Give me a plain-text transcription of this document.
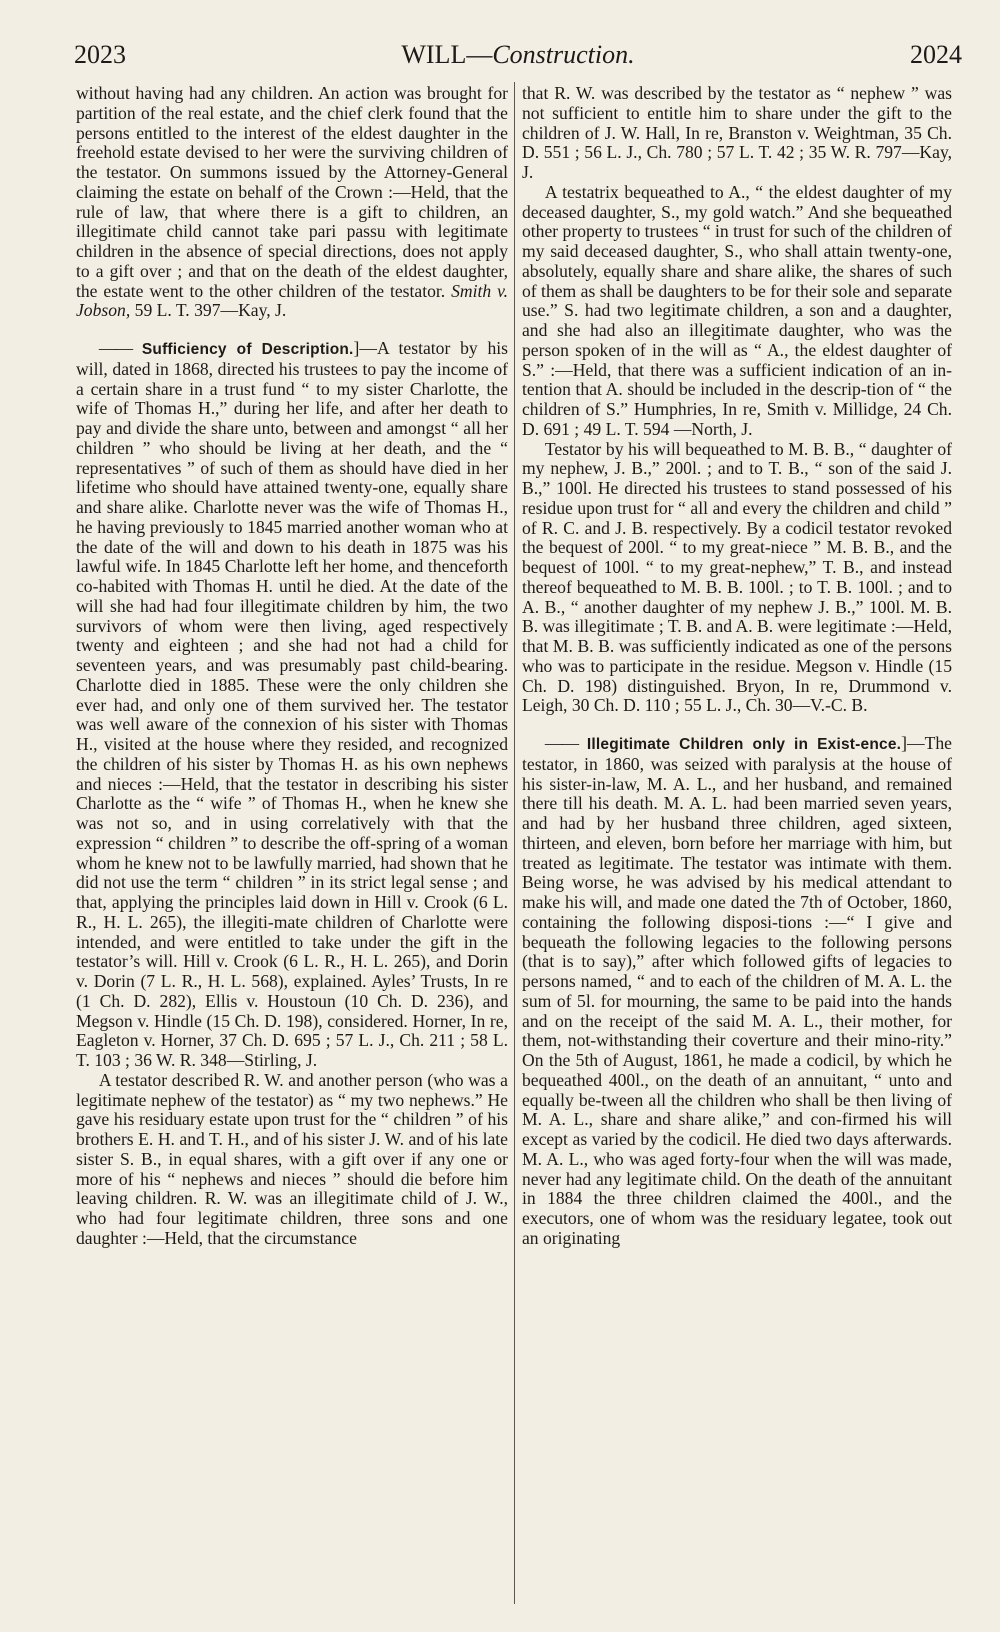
2023	WILL—Construction.	2024

without having had any children. An action was brought for partition of the real estate, and the chief clerk found that the persons entitled to the interest of the eldest daughter in the freehold estate devised to her were the surviving children of the testator. On summons issued by the Attorney-General claiming the estate on behalf of the Crown :—Held, that the rule of law, that where there is a gift to children, an illegitimate child cannot take pari passu with legitimate children in the absence of special directions, does not apply to a gift over ; and that on the death of the eldest daughter, the estate went to the other children of the testator. Smith v. Jobson, 59 L. T. 397—Kay, J.

—— Sufficiency of Description.]—A testator by his will, dated in 1868, directed his trustees to pay the income of a certain share in a trust fund “ to my sister Charlotte, the wife of Thomas H.,” during her life, and after her death to pay and divide the share unto, between and amongst “ all her children ” who should be living at her death, and the “ representatives ” of such of them as should have died in her lifetime who should have attained twenty-one, equally share and share alike. Charlotte never was the wife of Thomas H., he having previously to 1845 married another woman who at the date of the will and down to his death in 1875 was his lawful wife. In 1845 Charlotte left her home, and thenceforth co-habited with Thomas H. until he died. At the date of the will she had had four illegitimate children by him, the two survivors of whom were then living, aged respectively twenty and eighteen ; and she had not had a child for seventeen years, and was presumably past child-bearing. Charlotte died in 1885. These were the only children she ever had, and only one of them survived her. The testator was well aware of the connexion of his sister with Thomas H., visited at the house where they resided, and recognized the children of his sister by Thomas H. as his own nephews and nieces :—Held, that the testator in describing his sister Charlotte as the “ wife ” of Thomas H., when he knew she was not so, and in using correlatively with that the expression “ children ” to describe the off-spring of a woman whom he knew not to be lawfully married, had shown that he did not use the term “ children ” in its strict legal sense ; and that, applying the principles laid down in Hill v. Crook (6 L. R., H. L. 265), the illegiti-mate children of Charlotte were intended, and were entitled to take under the gift in the testator’s will. Hill v. Crook (6 L. R., H. L. 265), and Dorin v. Dorin (7 L. R., H. L. 568), explained. Ayles’ Trusts, In re (1 Ch. D. 282), Ellis v. Houstoun (10 Ch. D. 236), and Megson v. Hindle (15 Ch. D. 198), considered. Horner, In re, Eagleton v. Horner, 37 Ch. D. 695 ; 57 L. J., Ch. 211 ; 58 L. T. 103 ; 36 W. R. 348—Stirling, J.

A testator described R. W. and another person (who was a legitimate nephew of the testator) as “ my two nephews.” He gave his residuary estate upon trust for the “ children ” of his brothers E. H. and T. H., and of his sister J. W. and of his late sister S. B., in equal shares, with a gift over if any one or more of his “ nephews and nieces ” should die before him leaving children. R. W. was an illegitimate child of J. W., who had four legitimate children, three sons and one daughter :—Held, that the circumstance

that R. W. was described by the testator as “ nephew ” was not sufficient to entitle him to share under the gift to the children of J. W. Hall, In re, Branston v. Weightman, 35 Ch. D. 551 ; 56 L. J., Ch. 780 ; 57 L. T. 42 ; 35 W. R. 797—Kay, J.

A testatrix bequeathed to A., “ the eldest daughter of my deceased daughter, S., my gold watch.” And she bequeathed other property to trustees “ in trust for such of the children of my said deceased daughter, S., who shall attain twenty-one, absolutely, equally share and share alike, the shares of such of them as shall be daughters to be for their sole and separate use.” S. had two legitimate children, a son and a daughter, and she had also an illegitimate daughter, who was the person spoken of in the will as “ A., the eldest daughter of S.” :—Held, that there was a sufficient indication of an in-tention that A. should be included in the descrip-tion of “ the children of S.” Humphries, In re, Smith v. Millidge, 24 Ch. D. 691 ; 49 L. T. 594 —North, J.

Testator by his will bequeathed to M. B. B., “ daughter of my nephew, J. B.,” 200l. ; and to T. B., “ son of the said J. B.,” 100l. He directed his trustees to stand possessed of his residue upon trust for “ all and every the children and child ” of R. C. and J. B. respectively. By a codicil testator revoked the bequest of 200l. “ to my great-niece ” M. B. B., and the bequest of 100l. “ to my great-nephew,” T. B., and instead thereof bequeathed to M. B. B. 100l. ; to T. B. 100l. ; and to A. B., “ another daughter of my nephew J. B.,” 100l. M. B. B. was illegitimate ; T. B. and A. B. were legitimate :—Held, that M. B. B. was sufficiently indicated as one of the persons who was to participate in the residue. Megson v. Hindle (15 Ch. D. 198) distinguished. Bryon, In re, Drummond v. Leigh, 30 Ch. D. 110 ; 55 L. J., Ch. 30—V.-C. B.

—— Illegitimate Children only in Exist-ence.]—The testator, in 1860, was seized with paralysis at the house of his sister-in-law, M. A. L., and her husband, and remained there till his death. M. A. L. had been married seven years, and had by her husband three children, aged sixteen, thirteen, and eleven, born before her marriage with him, but treated as legitimate. The testator was intimate with them. Being worse, he was advised by his medical attendant to make his will, and made one dated the 7th of October, 1860, containing the following disposi-tions :—“ I give and bequeath the following legacies to the following persons (that is to say),” after which followed gifts of legacies to persons named, “ and to each of the children of M. A. L. the sum of 5l. for mourning, the same to be paid into the hands and on the receipt of the said M. A. L., their mother, for them, not-withstanding their coverture and their mino-rity.” On the 5th of August, 1861, he made a codicil, by which he bequeathed 400l., on the death of an annuitant, “ unto and equally be-tween all the children who shall be then living of M. A. L., share and share alike,” and con-firmed his will except as varied by the codicil. He died two days afterwards. M. A. L., who was aged forty-four when the will was made, never had any legitimate child. On the death of the annuitant in 1884 the three children claimed the 400l., and the executors, one of whom was the residuary legatee, took out an originating
